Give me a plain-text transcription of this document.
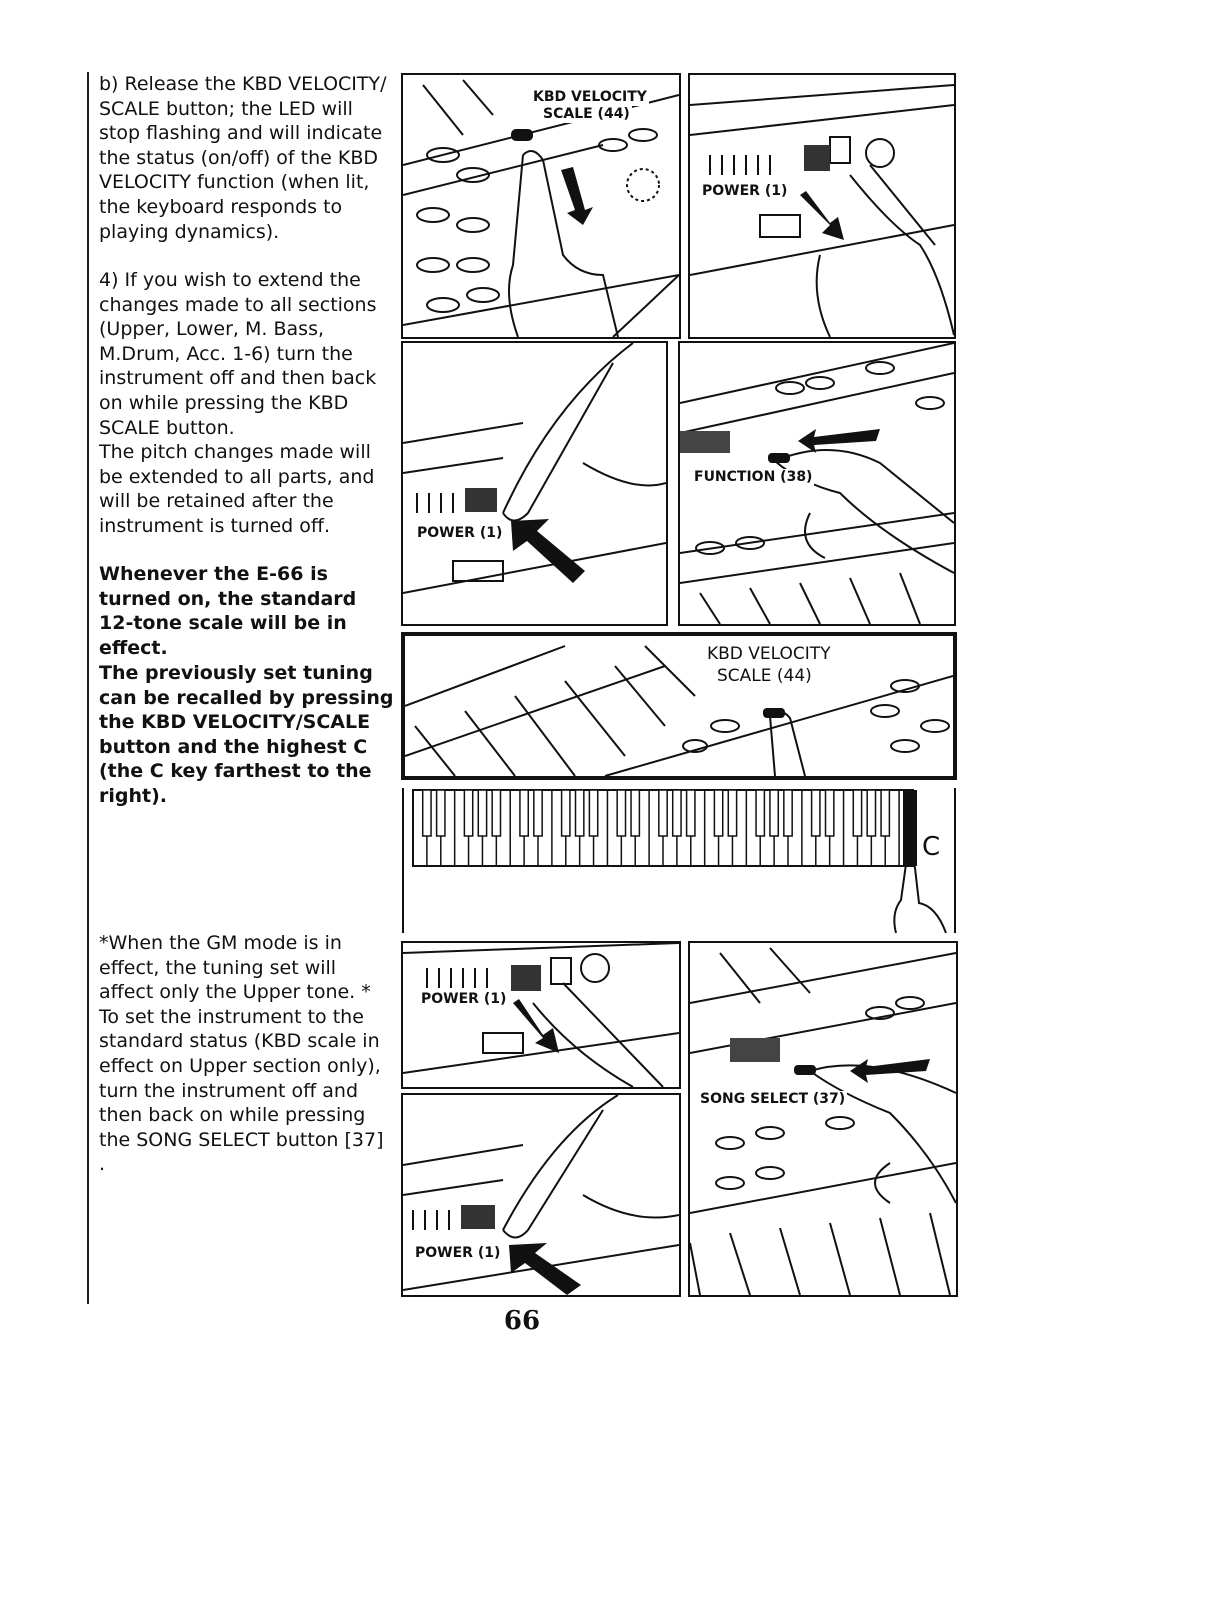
b) Release the KBD VELOCITY/ SCALE button; the LED will stop flashing and will indicate the status (on/off) of the KBD VELOCITY function (when lit, the keyboard responds to playing dynamics).

4) If you wish to extend the changes made to all sections (Upper, Lower, M. Bass, M.Drum, Acc. 1-6) turn the instrument off and then back on while pressing the KBD SCALE button.

The pitch changes made will be extended to all parts, and will be retained after the instrument is turned off.

Whenever the E-66 is turned on, the standard 12-tone scale will be in effect.

The previously set tuning can be recalled by pressing the KBD VELOCITY/SCALE button and the highest C (the C key farthest to the right).

*When the GM mode is in effect, the tuning set will affect only the Upper tone. * To set the instrument to the standard status (KBD scale in effect on Upper section only), turn the instrument off and then back on while pressing the SONG SELECT button [37] .

KBD VELOCITY
SCALE (44)
POWER (1)
POWER (1)
FUNCTION (38)
KBD VELOCITY
SCALE (44)
C
POWER (1)
SONG SELECT (37)
POWER (1)
66
